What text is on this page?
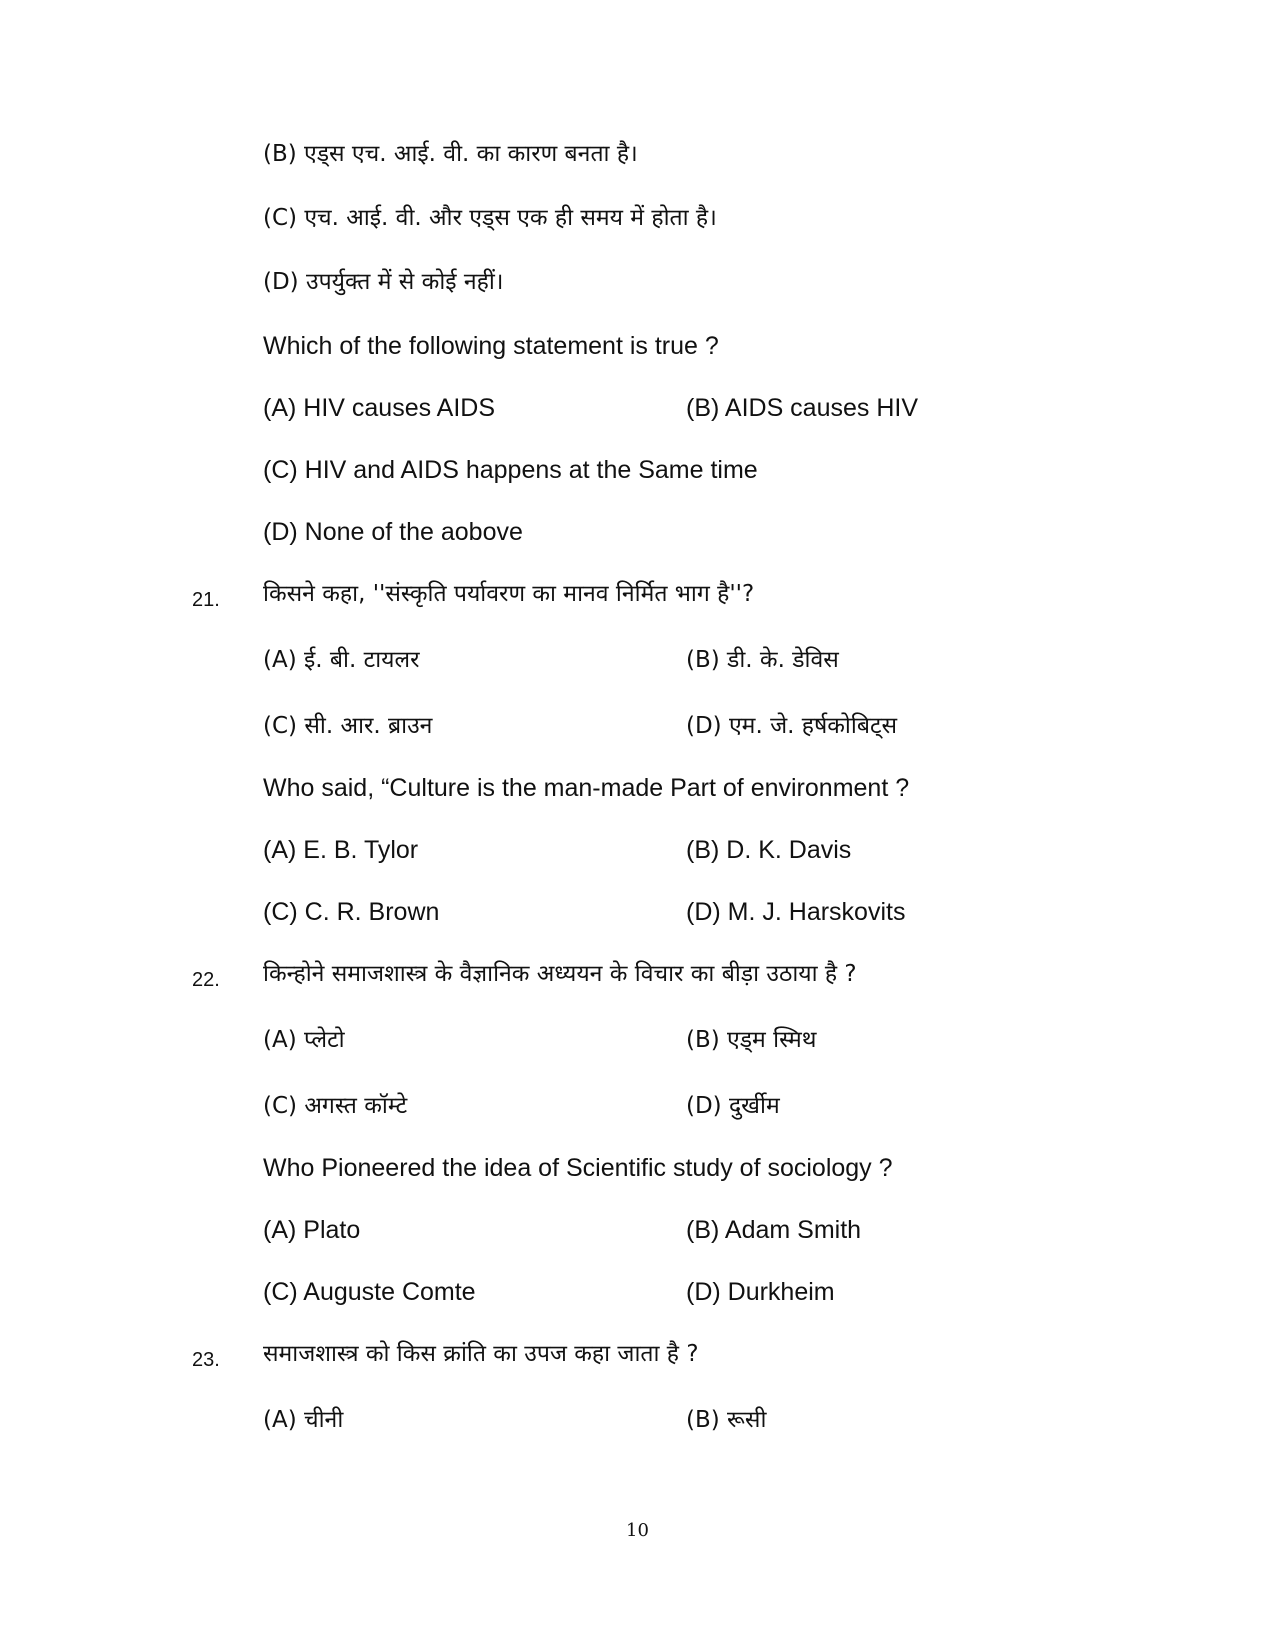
(B) एड्स एच. आई. वी. का कारण बनता है।
(C) एच. आई. वी. और एड्स एक ही समय में होता है।
(D) उपर्युक्त में से कोई नहीं।
Which of the following statement is true ?
(A) HIV causes AIDS	(B) AIDS causes HIV
(C) HIV and AIDS happens at the Same time
(D) None of the aobove
21. किसने कहा, ''संस्कृति पर्यावरण का मानव निर्मित भाग है''?
(A) ई. बी. टायलर	(B) डी. के. डेविस
(C) सी. आर. ब्राउन	(D) एम. जे. हर्षकोबिट्स
Who said, “Culture is the man-made Part of environment ?
(A) E. B. Tylor	(B) D. K. Davis
(C) C. R. Brown	(D) M. J. Harskovits
22. किन्होने समाजशास्त्र के वैज्ञानिक अध्ययन के विचार का बीड़ा उठाया है ?
(A) प्लेटो	(B) एड्म स्मिथ
(C) अगस्त कॉम्टे	(D) दुर्खीम
Who Pioneered the idea of Scientific study of sociology ?
(A) Plato	(B) Adam Smith
(C) Auguste Comte	(D) Durkheim
23. समाजशास्त्र को किस क्रांति का उपज कहा जाता है ?
(A) चीनी	(B) रूसी
10
